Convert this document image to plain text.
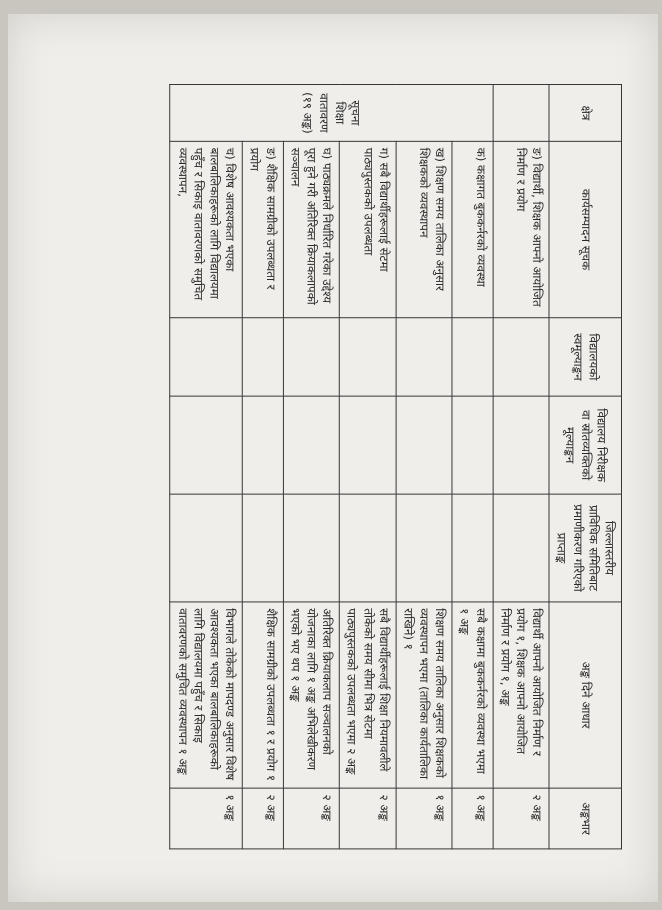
क्षेत्र	कार्यसम्पादन सूचक	विद्यालयको स्वमूल्याङ्कन	विद्यालय निरीक्षक वा स्रोतव्यक्तिको मूल्याङ्कन	जिल्लास्तरीय प्राविधिक समितिबाट प्रमाणीकरण गरिएको प्राप्ताङ्क	अङ्क दिने आधार	अङ्कभार
	ङ) विद्यार्थी, शिक्षक आफ्नो आयोजित निर्माण र प्रयोग				विद्यार्थी आफ्नो आयोजित निर्माण र प्रयोग १, शिक्षक आफ्नो आयोजित निर्माण र प्रयोग १, अङ्क	२ अङ्क

सूचना
शिक्षा
वातावरण
(१९ अङ्क)	क) कक्षागत बुककर्नरको व्यवस्था				सबै कक्षामा बुककर्नरको व्यवस्था भएमा १ अङ्क	१ अङ्क
	ख) शिक्षण समय तालिका अनुसार शिक्षकको व्यवस्थापन				शिक्षण समय तालिका अनुसार शिक्षकको व्यवस्थापन भएमा (तालिका कार्यतालिका राखिने) १	१ अङ्क
	ग) सबै विद्यार्थीहरूलाई सेटमा पाठ्यपुस्तकको उपलब्धता				सबै विद्यार्थीहरूलाई शिक्षा नियमावलीले तोकेको समय सीमा भित्र सेटमा पाठ्यपुस्तकको उपलब्धता भएमा २ अङ्क	२ अङ्क
	घ) पाठ्यक्रमले निर्धारित गरेका उद्देश्य पूरा हुने गरी अतिरिक्त क्रियाकलापको सञ्चालन				अतिरिक्त क्रियाकलाप सञ्चालनको योजनाका लागि १ अङ्क अभिलेखीकरण भएको भए थप १ अङ्क	२ अङ्क
	ङ) शैक्षिक सामग्रीको उपलब्धता र प्रयोग				शैक्षिक सामग्रीको उपलब्धता १ र प्रयोग १	२ अङ्क
	च) विशेष आवश्यकता भएका बालबालिकाहरूको लागि विद्यालयमा पहुँच र सिकाइ वातावरणको समुचित व्यवस्थापन,				विभागले तोकेको मापदण्ड अनुसार विशेष आवश्यकता भएका बालबालिकाहरूको लागि विद्यालयमा पहुँच र सिकाइ वातावरणको समुचित व्यवस्थापन १ अङ्क	१ अङ्क
